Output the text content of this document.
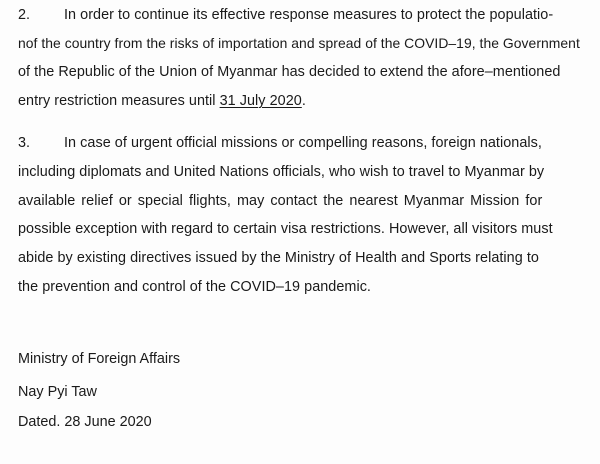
2. In order to continue its effective response measures to protect the populatio-
nof the country from the risks of importation and spread of the COVID–19, the Government
of the Republic of the Union of Myanmar has decided to extend the afore–mentioned
entry restriction measures until 31 July 2020.
3. In case of urgent official missions or compelling reasons, foreign nationals,
including diplomats and United Nations officials, who wish to travel to Myanmar by
available relief or special flights, may contact the nearest Myanmar Mission for
possible exception with regard to certain visa restrictions. However, all visitors must
abide by existing directives issued by the Ministry of Health and Sports relating to
the prevention and control of the COVID–19 pandemic.
Ministry of Foreign Affairs
Nay Pyi Taw
Dated. 28 June 2020
